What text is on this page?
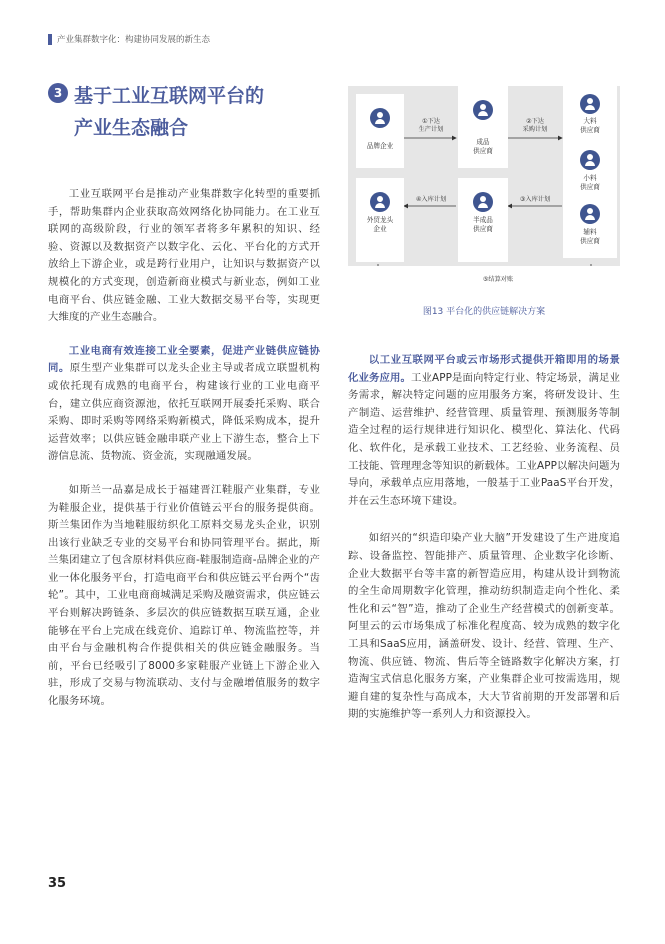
产业集群数字化：构建协同发展的新生态
3 基于工业互联网平台的
产业生态融合

工业互联网平台是推动产业集群数字化转型的重要抓手，帮助集群内企业获取高效网络化协同能力。在工业互联网的高级阶段，行业的领军者将多年累积的知识、经验、资源以及数据资产以数字化、云化、平台化的方式开放给上下游企业，或是跨行业用户，让知识与数据资产以规模化的方式变现，创造新商业模式与新业态，例如工业电商平台、供应链金融、工业大数据交易平台等，实现更大维度的产业生态融合。

工业电商有效连接工业全要素，促进产业链供应链协同。原生型产业集群可以龙头企业主导或者成立联盟机构或依托现有成熟的电商平台，构建该行业的工业电商平台，建立供应商资源池，依托互联网开展委托采购、联合采购、即时采购等网络采购新模式，降低采购成本，提升运营效率；以供应链金融串联产业上下游生态，整合上下游信息流、货物流、资金流，实现融通发展。

如斯兰一品嘉是成长于福建晋江鞋服产业集群，专业为鞋服企业，提供基于行业价值链云平台的服务提供商。斯兰集团作为当地鞋服纺织化工原料交易龙头企业，识别出该行业缺乏专业的交易平台和协同管理平台。据此，斯兰集团建立了包含原材料供应商-鞋服制造商-品牌企业的产业一体化服务平台，打造电商平台和供应链云平台两个“齿轮”。其中，工业电商商城满足采购及融资需求，供应链云平台则解决跨链条、多层次的供应链数据互联互通，企业能够在平台上完成在线竞价、追踪订单、物流监控等，并由平台与金融机构合作提供相关的供应链金融服务。当前，平台已经吸引了8000多家鞋服产业链上下游企业入驻，形成了交易与物流联动、支付与金融增值服务的数字化服务环境。

品牌企业	成品
供应商
大料
供应商
小料
供应商
辅料
供应商
外贸龙头
企业
半成品
供应商
①下达
生产计划
②下达
采购计划
③入库计划
④入库计划
⑤结算对账
图13 平台化的供应链解决方案

以工业互联网平台或云市场形式提供开箱即用的场景化业务应用。工业APP是面向特定行业、特定场景，满足业务需求，解决特定问题的应用服务方案，将研发设计、生产制造、运营维护、经营管理、质量管理、预测服务等制造全过程的运行规律进行知识化、模型化、算法化、代码化、软件化，是承载工业技术、工艺经验、业务流程、员工技能、管理理念等知识的新载体。工业APP以解决问题为导向，承载单点应用落地，一般基于工业PaaS平台开发，并在云生态环境下建设。

如绍兴的“织造印染产业大脑”开发建设了生产进度追踪、设备监控、智能排产、质量管理、企业数字化诊断、企业大数据平台等丰富的新智造应用，构建从设计到物流的全生命周期数字化管理，推动纺织制造走向个性化、柔性化和云“智”造，推动了企业生产经营模式的创新变革。阿里云的云市场集成了标准化程度高、较为成熟的数字化工具和SaaS应用，涵盖研发、设计、经营、管理、生产、物流、供应链、物流、售后等全链路数字化解决方案，打造淘宝式信息化服务方案，产业集群企业可按需选用，规避自建的复杂性与高成本，大大节省前期的开发部署和后期的实施维护等一系列人力和资源投入。

35
